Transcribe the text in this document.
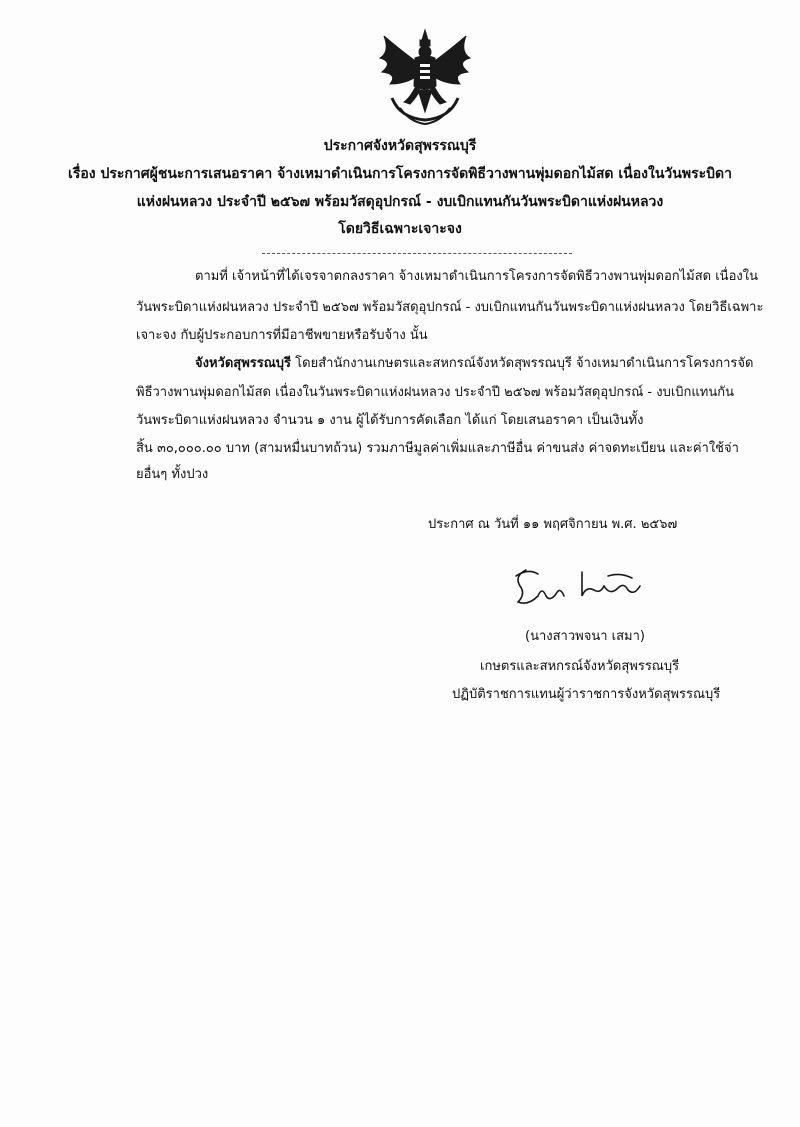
ประกาศจังหวัดสุพรรณบุรี
เรื่อง ประกาศผู้ชนะการเสนอราคา จ้างเหมาดำเนินการโครงการจัดพิธีวางพานพุ่มดอกไม้สด เนื่องในวันพระบิดา
แห่งฝนหลวง ประจำปี ๒๕๖๗ พร้อมวัสดุอุปกรณ์ - งบเบิกแทนกันวันพระบิดาแห่งฝนหลวง
โดยวิธีเฉพาะเจาะจง
ตามที่ เจ้าหน้าที่ได้เจรจาตกลงราคา จ้างเหมาดำเนินการโครงการจัดพิธีวางพานพุ่มดอกไม้สด เนื่องใน
วันพระบิดาแห่งฝนหลวง ประจำปี ๒๕๖๗ พร้อมวัสดุอุปกรณ์ - งบเบิกแทนกันวันพระบิดาแห่งฝนหลวง โดยวิธีเฉพาะ
เจาะจง กับผู้ประกอบการที่มีอาชีพขายหรือรับจ้าง นั้น
จังหวัดสุพรรณบุรี โดยสำนักงานเกษตรและสหกรณ์จังหวัดสุพรรณบุรี จ้างเหมาดำเนินการโครงการจัด
พิธีวางพานพุ่มดอกไม้สด เนื่องในวันพระบิดาแห่งฝนหลวง ประจำปี ๒๕๖๗ พร้อมวัสดุอุปกรณ์ - งบเบิกแทนกัน
วันพระบิดาแห่งฝนหลวง จำนวน ๑ งาน ผู้ได้รับการคัดเลือก ได้แก่ โดยเสนอราคา เป็นเงินทั้ง
สิ้น ๓๐,๐๐๐.๐๐ บาท (สามหมื่นบาทถ้วน) รวมภาษีมูลค่าเพิ่มและภาษีอื่น ค่าขนส่ง ค่าจดทะเบียน และค่าใช้จ่า
ยอื่นๆ ทั้งปวง
ประกาศ ณ วันที่ ๑๑ พฤศจิกายน พ.ศ. ๒๕๖๗
(นางสาวพจนา เสมา)
เกษตรและสหกรณ์จังหวัดสุพรรณบุรี
ปฏิบัติราชการแทนผู้ว่าราชการจังหวัดสุพรรณบุรี
